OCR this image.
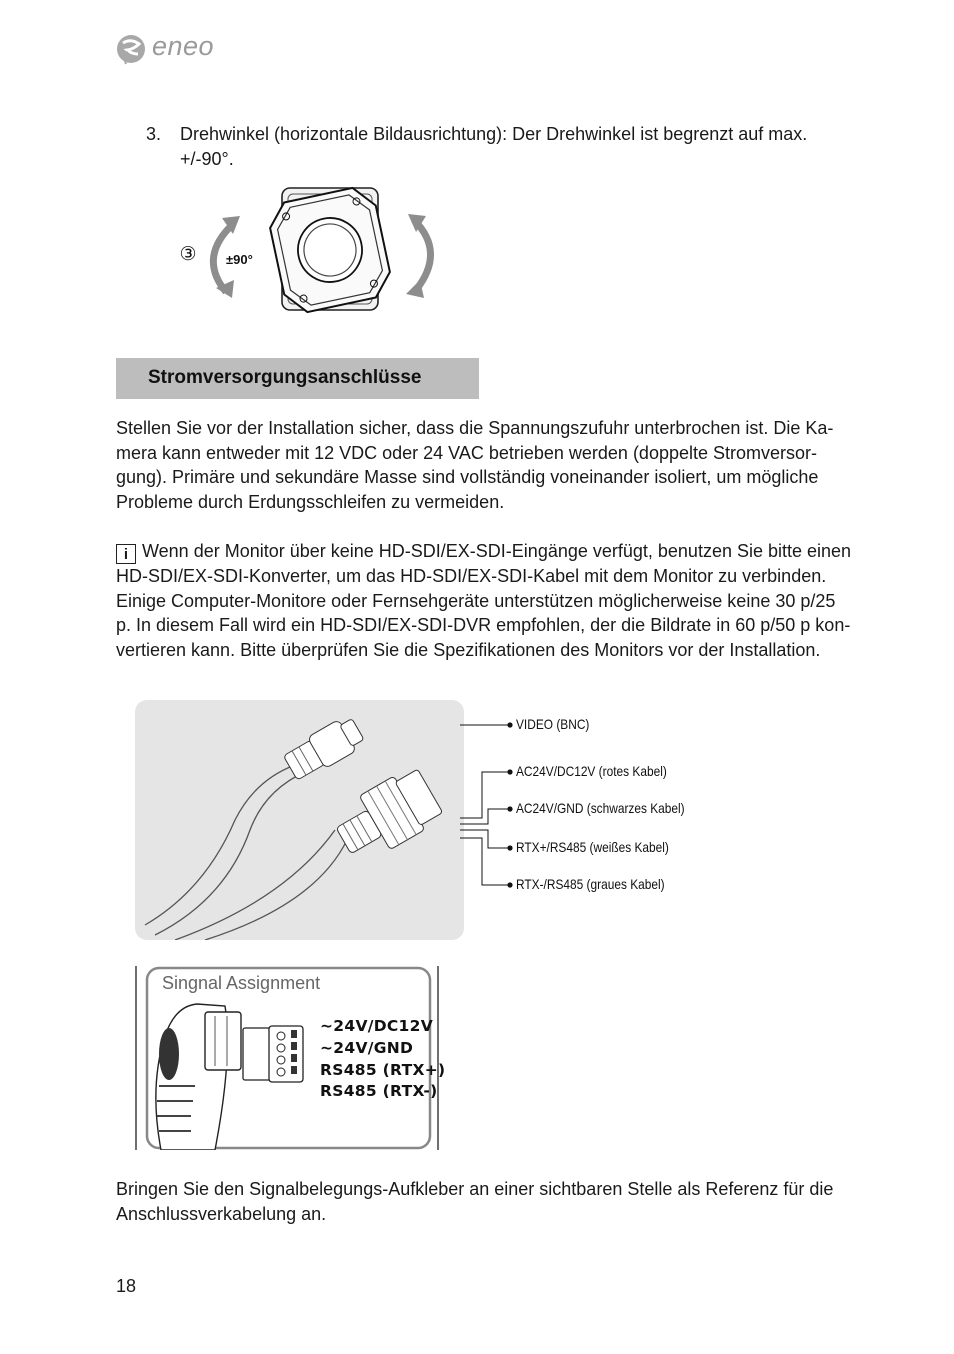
eneo
3. Drehwinkel (horizontale Bildausrichtung): Der Drehwinkel ist begrenzt auf max.
+/-90°.
③ ±90°
Stromversorgungsanschlüsse
Stellen Sie vor der Installation sicher, dass die Spannungszufuhr unterbrochen ist. Die Ka-
mera kann entweder mit 12 VDC oder 24 VAC betrieben werden (doppelte Stromversor-
gung). Primäre und sekundäre Masse sind vollständig voneinander isoliert, um mögliche
Probleme durch Erdungsschleifen zu vermeiden.
i Wenn der Monitor über keine HD-SDI/EX-SDI-Eingänge verfügt, benutzen Sie bitte einen
HD-SDI/EX-SDI-Konverter, um das HD-SDI/EX-SDI-Kabel mit dem Monitor zu verbinden.
Einige Computer-Monitore oder Fernsehgeräte unterstützen möglicherweise keine 30 p/25
p. In diesem Fall wird ein HD-SDI/EX-SDI-DVR empfohlen, der die Bildrate in 60 p/50 p kon-
vertieren kann. Bitte überprüfen Sie die Spezifikationen des Monitors vor der Installation.
VIDEO (BNC)
AC24V/DC12V (rotes Kabel)
AC24V/GND (schwarzes Kabel)
RTX+/RS485 (weißes Kabel)
RTX-/RS485 (graues Kabel)
Singnal Assignment
~24V/DC12V
~24V/GND
RS485 (RTX+)
RS485 (RTX-)
Bringen Sie den Signalbelegungs-Aufkleber an einer sichtbaren Stelle als Referenz für die
Anschlussverkabelung an.
18
